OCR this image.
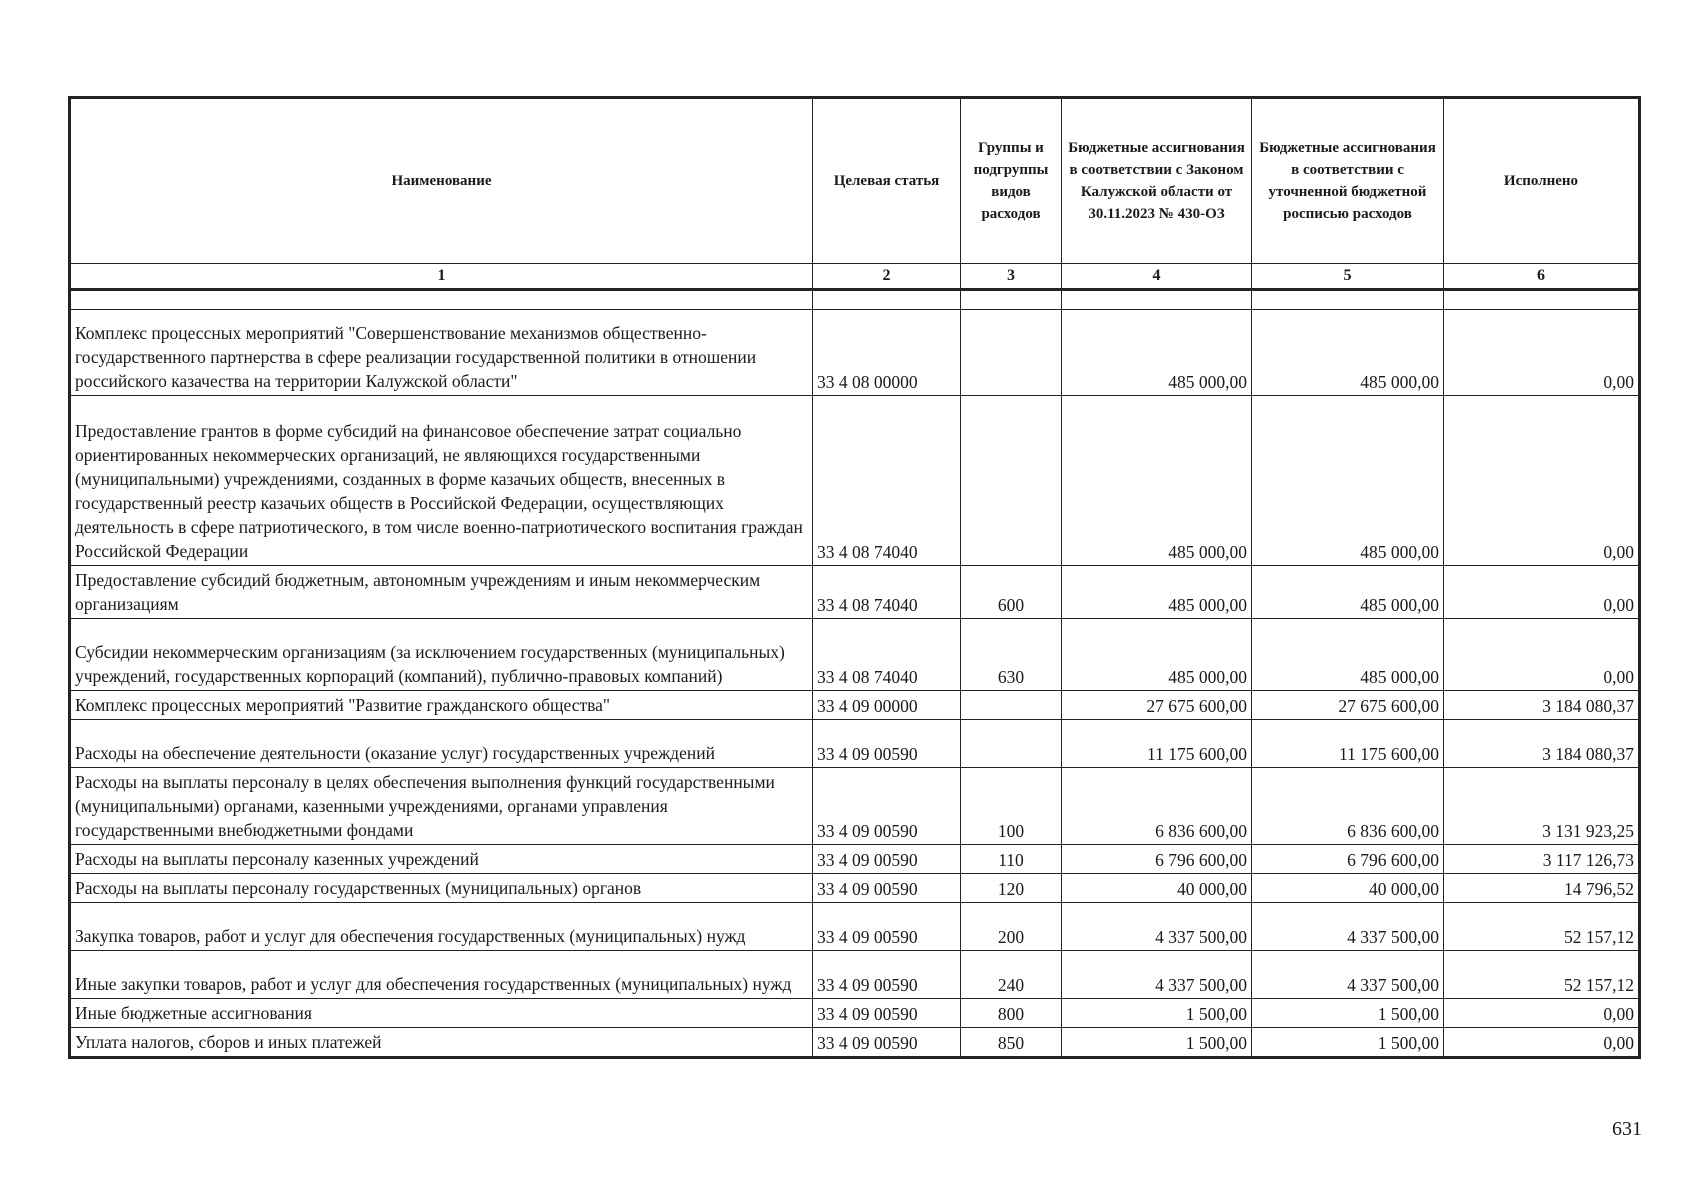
Наименование	Целевая статья	Группы и подгруппы видов расходов	Бюджетные ассигнования в соответствии с Законом Калужской области от 30.11.2023 № 430-ОЗ	Бюджетные ассигнования в соответствии с уточненной бюджетной росписью расходов	Исполнено
1	2	3	4	5	6

Комплекс процессных мероприятий "Совершенствование механизмов общественно-государственного партнерства в сфере реализации государственной политики в отношении российского казачества на территории Калужской области"	33 4 08 00000		485 000,00	485 000,00	0,00
Предоставление грантов в форме субсидий на финансовое обеспечение затрат социально ориентированных некоммерческих организаций, не являющихся государственными (муниципальными) учреждениями, созданных в форме казачьих обществ, внесенных в государственный реестр казачьих обществ в Российской Федерации, осуществляющих деятельность в сфере патриотического, в том числе военно-патриотического воспитания граждан Российской Федерации	33 4 08 74040		485 000,00	485 000,00	0,00
Предоставление субсидий бюджетным, автономным учреждениям и иным некоммерческим организациям	33 4 08 74040	600	485 000,00	485 000,00	0,00
Субсидии некоммерческим организациям (за исключением государственных (муниципальных) учреждений, государственных корпораций (компаний), публично-правовых компаний)	33 4 08 74040	630	485 000,00	485 000,00	0,00
Комплекс процессных мероприятий "Развитие гражданского общества"	33 4 09 00000		27 675 600,00	27 675 600,00	3 184 080,37
Расходы на обеспечение деятельности (оказание услуг) государственных учреждений	33 4 09 00590		11 175 600,00	11 175 600,00	3 184 080,37
Расходы на выплаты персоналу в целях обеспечения выполнения функций государственными (муниципальными) органами, казенными учреждениями, органами управления государственными внебюджетными фондами	33 4 09 00590	100	6 836 600,00	6 836 600,00	3 131 923,25
Расходы на выплаты персоналу казенных учреждений	33 4 09 00590	110	6 796 600,00	6 796 600,00	3 117 126,73
Расходы на выплаты персоналу государственных (муниципальных) органов	33 4 09 00590	120	40 000,00	40 000,00	14 796,52
Закупка товаров, работ и услуг для обеспечения государственных (муниципальных) нужд	33 4 09 00590	200	4 337 500,00	4 337 500,00	52 157,12
Иные закупки товаров, работ и услуг для обеспечения государственных (муниципальных) нужд	33 4 09 00590	240	4 337 500,00	4 337 500,00	52 157,12
Иные бюджетные ассигнования	33 4 09 00590	800	1 500,00	1 500,00	0,00
Уплата налогов, сборов и иных платежей	33 4 09 00590	850	1 500,00	1 500,00	0,00
631
